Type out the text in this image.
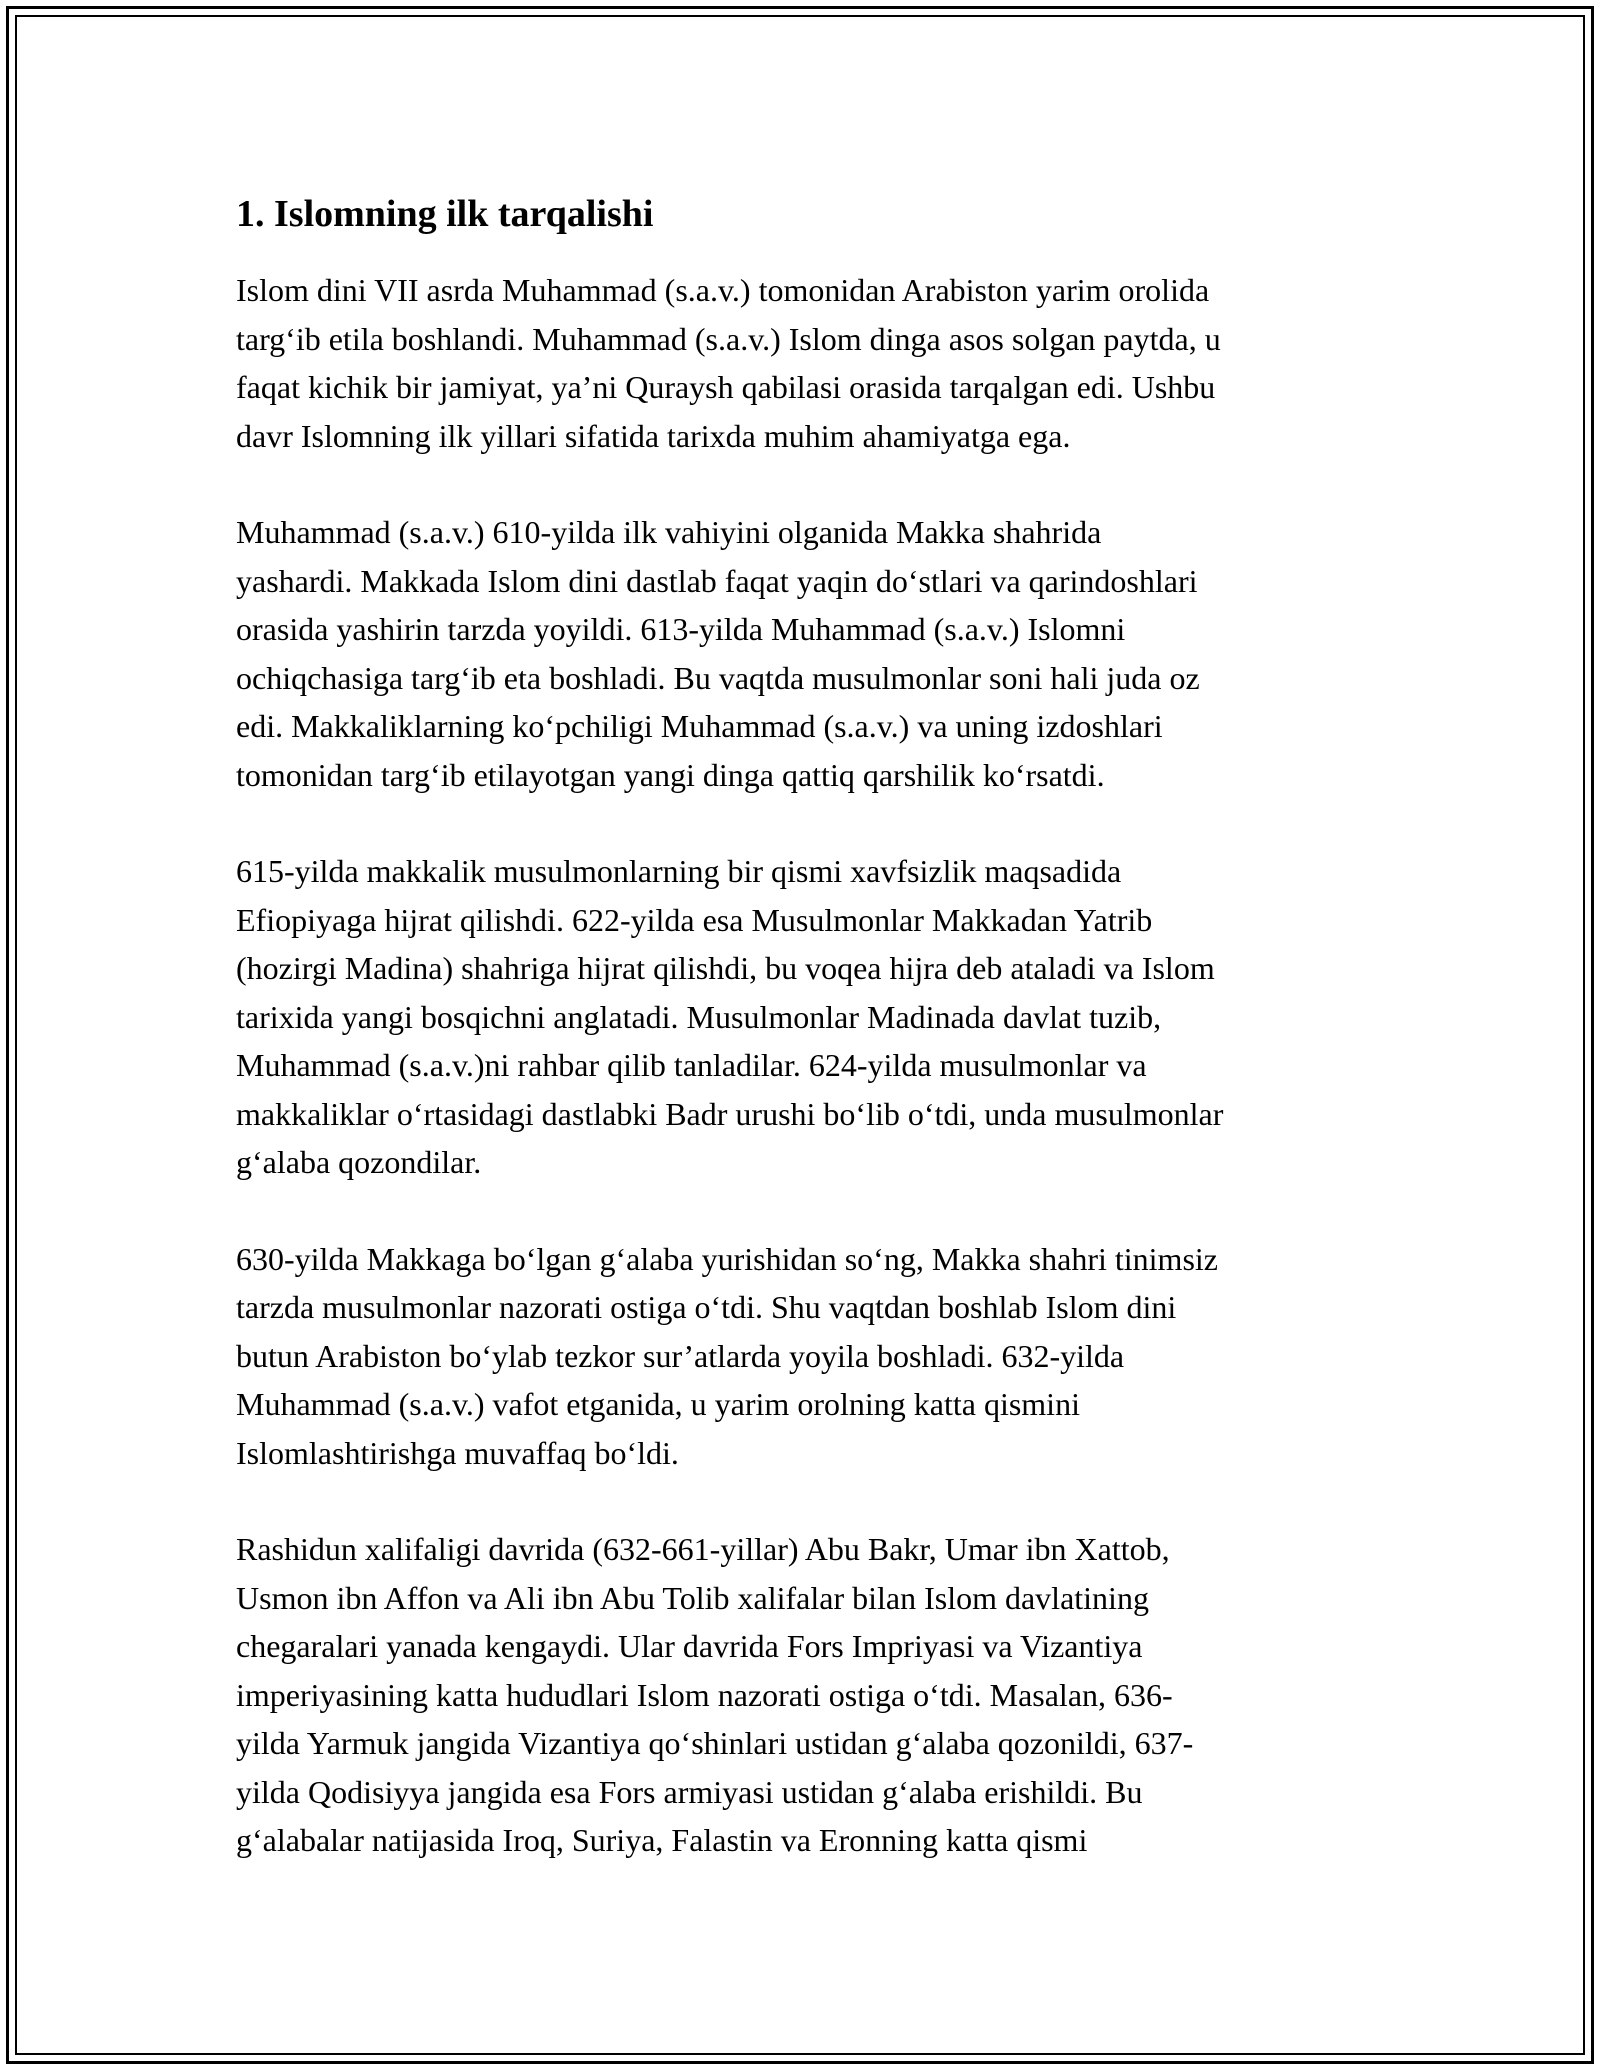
1. Islomning ilk tarqalishi

Islom dini VII asrda Muhammad (s.a.v.) tomonidan Arabiston yarim orolida
targ‘ib etila boshlandi. Muhammad (s.a.v.) Islom dinga asos solgan paytda, u
faqat kichik bir jamiyat, ya’ni Quraysh qabilasi orasida tarqalgan edi. Ushbu
davr Islomning ilk yillari sifatida tarixda muhim ahamiyatga ega.

Muhammad (s.a.v.) 610-yilda ilk vahiyini olganida Makka shahrida
yashardi. Makkada Islom dini dastlab faqat yaqin do‘stlari va qarindoshlari
orasida yashirin tarzda yoyildi. 613-yilda Muhammad (s.a.v.) Islomni
ochiqchasiga targ‘ib eta boshladi. Bu vaqtda musulmonlar soni hali juda oz
edi. Makkaliklarning ko‘pchiligi Muhammad (s.a.v.) va uning izdoshlari
tomonidan targ‘ib etilayotgan yangi dinga qattiq qarshilik ko‘rsatdi.

615-yilda makkalik musulmonlarning bir qismi xavfsizlik maqsadida
Efiopiyaga hijrat qilishdi. 622-yilda esa Musulmonlar Makkadan Yatrib
(hozirgi Madina) shahriga hijrat qilishdi, bu voqea hijra deb ataladi va Islom
tarixida yangi bosqichni anglatadi. Musulmonlar Madinada davlat tuzib,
Muhammad (s.a.v.)ni rahbar qilib tanladilar. 624-yilda musulmonlar va
makkaliklar o‘rtasidagi dastlabki Badr urushi bo‘lib o‘tdi, unda musulmonlar
g‘alaba qozondilar.

630-yilda Makkaga bo‘lgan g‘alaba yurishidan so‘ng, Makka shahri tinimsiz
tarzda musulmonlar nazorati ostiga o‘tdi. Shu vaqtdan boshlab Islom dini
butun Arabiston bo‘ylab tezkor sur’atlarda yoyila boshladi. 632-yilda
Muhammad (s.a.v.) vafot etganida, u yarim orolning katta qismini
Islomlashtirishga muvaffaq bo‘ldi.

Rashidun xalifaligi davrida (632-661-yillar) Abu Bakr, Umar ibn Xattob,
Usmon ibn Affon va Ali ibn Abu Tolib xalifalar bilan Islom davlatining
chegaralari yanada kengaydi. Ular davrida Fors Impriyasi va Vizantiya
imperiyasining katta hududlari Islom nazorati ostiga o‘tdi. Masalan, 636-
yilda Yarmuk jangida Vizantiya qo‘shinlari ustidan g‘alaba qozonildi, 637-
yilda Qodisiyya jangida esa Fors armiyasi ustidan g‘alaba erishildi. Bu
g‘alabalar natijasida Iroq, Suriya, Falastin va Eronning katta qismi
